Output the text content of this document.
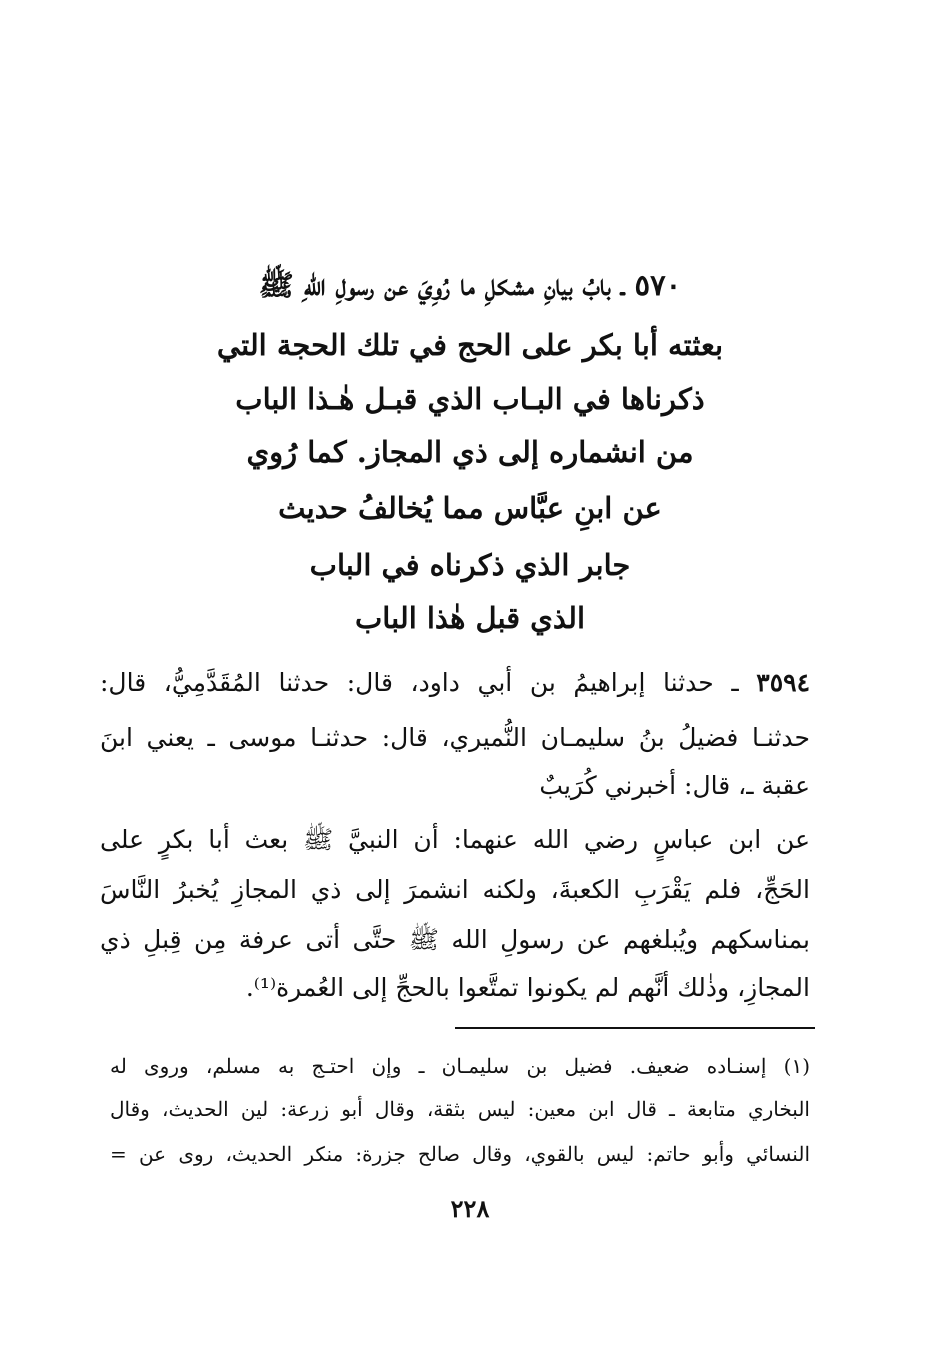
٥٧٠ ـ بابُ بيانِ مشكلِ ما رُوِيَ عن رسولِ اللهِ ﷺ
بعثته أبا بكر على الحج في تلك الحجة التي
ذكرناها في البـاب الذي قبـل هٰـذا الباب
من انشماره إلى ذي المجاز. كما رُوي
عن ابنِ عبَّاس مما يُخالفُ حديث
جابر الذي ذكرناه في الباب
الذي قبل هٰذا الباب
٣٥٩٤ ـ حدثنا إبراهيمُ بن أبي داود، قال: حدثنا المُقَدَّمِيُّ، قال:
حدثنـا فضيلُ بنُ سليمـان النُّميري، قال: حدثنـا موسى ـ يعني ابنَ
عقبة ـ، قال: أخبرني كُرَيبٌ
عن ابن عباسٍ رضي الله عنهما: أن النبيَّ ﷺ بعث أبا بكرٍ على
الحَجِّ، فلم يَقْرَبِ الكعبةَ، ولكنه انشمرَ إلى ذي المجازِ يُخبرُ النَّاسَ
بمناسكهم ويُبلغهم عن رسولِ الله ﷺ حتَّى أتى عرفة مِن قِبلِ ذي
المجازِ، وذٰلك أنَّهم لم يكونوا تمتَّعوا بالحجِّ إلى العُمرة⁽¹⁾.
(١) إسنـاده ضعيف. فضيل بن سليمـان ـ وإن احتـج به مسلم، وروى له
البخاري متابعة ـ قال ابن معين: ليس بثقة، وقال أبو زرعة: لين الحديث، وقال
النسائي وأبو حاتم: ليس بالقوي، وقال صالح جزرة: منكر الحديث، روى عن =
٢٢٨
